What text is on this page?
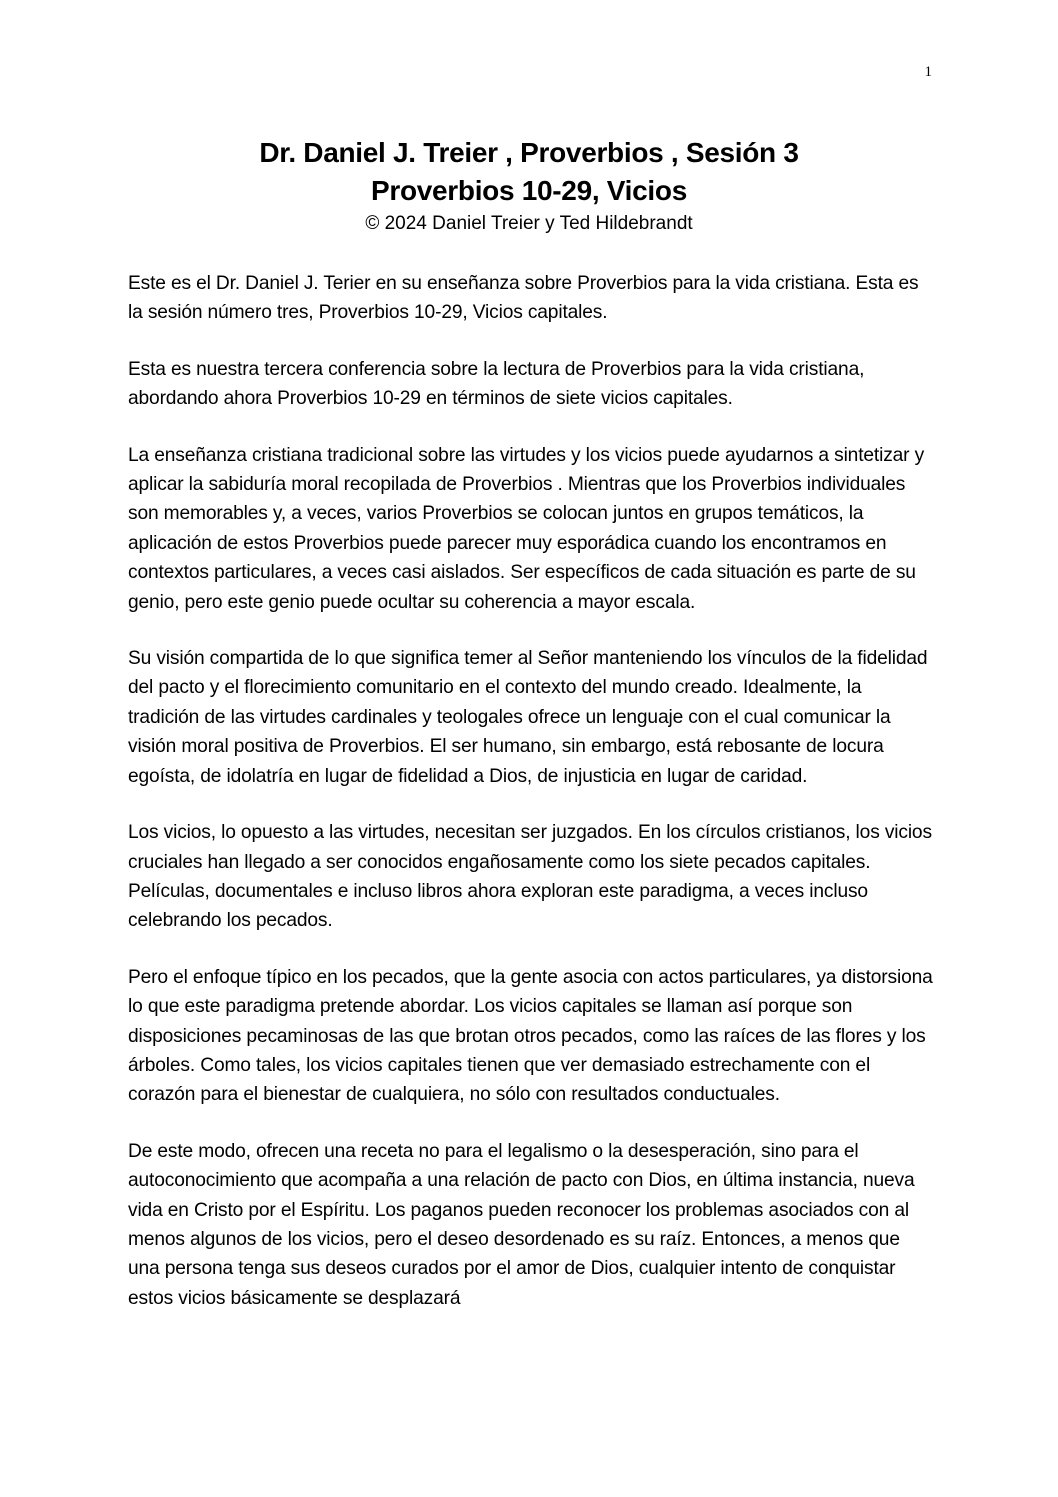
1
Dr. Daniel J. Treier , Proverbios , Sesión 3
Proverbios 10-29, Vicios
© 2024 Daniel Treier y Ted Hildebrandt

Este es el Dr. Daniel J. Terier en su enseñanza sobre Proverbios para la vida cristiana. Esta es la sesión número tres, Proverbios 10-29, Vicios capitales.

Esta es nuestra tercera conferencia sobre la lectura de Proverbios para la vida cristiana, abordando ahora Proverbios 10-29 en términos de siete vicios capitales.

La enseñanza cristiana tradicional sobre las virtudes y los vicios puede ayudarnos a sintetizar y aplicar la sabiduría moral recopilada de Proverbios . Mientras que los Proverbios individuales son memorables y, a veces, varios Proverbios se colocan juntos en grupos temáticos, la aplicación de estos Proverbios puede parecer muy esporádica cuando los encontramos en contextos particulares, a veces casi aislados. Ser específicos de cada situación es parte de su genio, pero este genio puede ocultar su coherencia a mayor escala.

Su visión compartida de lo que significa temer al Señor manteniendo los vínculos de la fidelidad del pacto y el florecimiento comunitario en el contexto del mundo creado. Idealmente, la tradición de las virtudes cardinales y teologales ofrece un lenguaje con el cual comunicar la visión moral positiva de Proverbios. El ser humano, sin embargo, está rebosante de locura egoísta, de idolatría en lugar de fidelidad a Dios, de injusticia en lugar de caridad.

Los vicios, lo opuesto a las virtudes, necesitan ser juzgados. En los círculos cristianos, los vicios cruciales han llegado a ser conocidos engañosamente como los siete pecados capitales. Películas, documentales e incluso libros ahora exploran este paradigma, a veces incluso celebrando los pecados.

Pero el enfoque típico en los pecados, que la gente asocia con actos particulares, ya distorsiona lo que este paradigma pretende abordar. Los vicios capitales se llaman así porque son disposiciones pecaminosas de las que brotan otros pecados, como las raíces de las flores y los árboles. Como tales, los vicios capitales tienen que ver demasiado estrechamente con el corazón para el bienestar de cualquiera, no sólo con resultados conductuales.

De este modo, ofrecen una receta no para el legalismo o la desesperación, sino para el autoconocimiento que acompaña a una relación de pacto con Dios, en última instancia, nueva vida en Cristo por el Espíritu. Los paganos pueden reconocer los problemas asociados con al menos algunos de los vicios, pero el deseo desordenado es su raíz. Entonces, a menos que una persona tenga sus deseos curados por el amor de Dios, cualquier intento de conquistar estos vicios básicamente se desplazará
